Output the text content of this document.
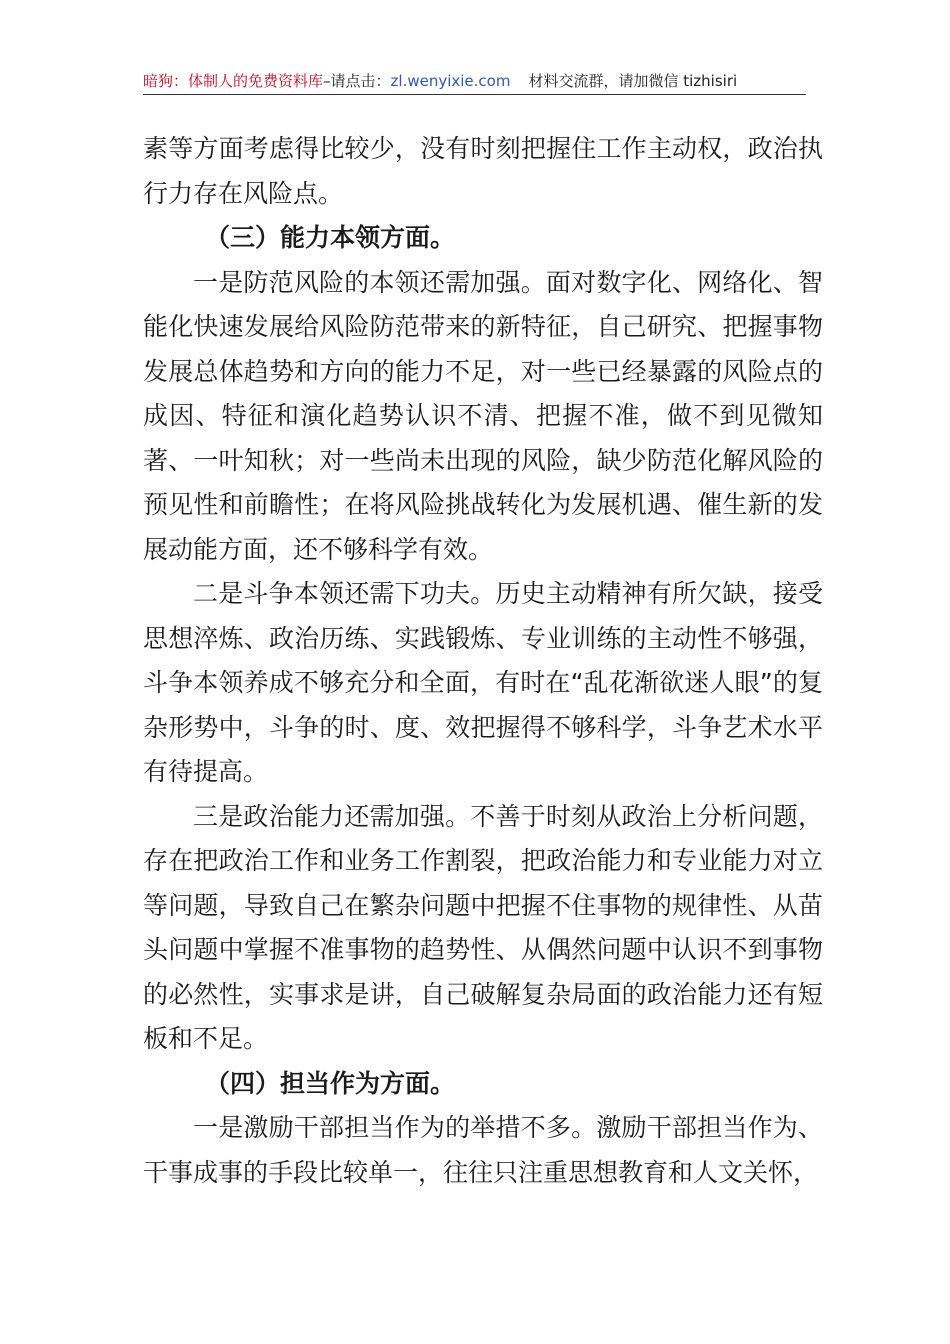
暗狗：体制人的免费资料库–请点击：zl.wenyixie.com 材料交流群，请加微信 tizhisiri

素等方面考虑得比较少，没有时刻把握住工作主动权，政治执行力存在风险点。

（三）能力本领方面。

一是防范风险的本领还需加强。面对数字化、网络化、智能化快速发展给风险防范带来的新特征，自己研究、把握事物发展总体趋势和方向的能力不足，对一些已经暴露的风险点的成因、特征和演化趋势认识不清、把握不准，做不到见微知著、一叶知秋；对一些尚未出现的风险，缺少防范化解风险的预见性和前瞻性；在将风险挑战转化为发展机遇、催生新的发展动能方面，还不够科学有效。

二是斗争本领还需下功夫。历史主动精神有所欠缺，接受思想淬炼、政治历练、实践锻炼、专业训练的主动性不够强，斗争本领养成不够充分和全面，有时在“乱花渐欲迷人眼”的复杂形势中，斗争的时、度、效把握得不够科学，斗争艺术水平有待提高。

三是政治能力还需加强。不善于时刻从政治上分析问题，存在把政治工作和业务工作割裂，把政治能力和专业能力对立等问题，导致自己在繁杂问题中把握不住事物的规律性、从苗头问题中掌握不准事物的趋势性、从偶然问题中认识不到事物的必然性，实事求是讲，自己破解复杂局面的政治能力还有短板和不足。

（四）担当作为方面。

一是激励干部担当作为的举措不多。激励干部担当作为、干事成事的手段比较单一，往往只注重思想教育和人文关怀，
